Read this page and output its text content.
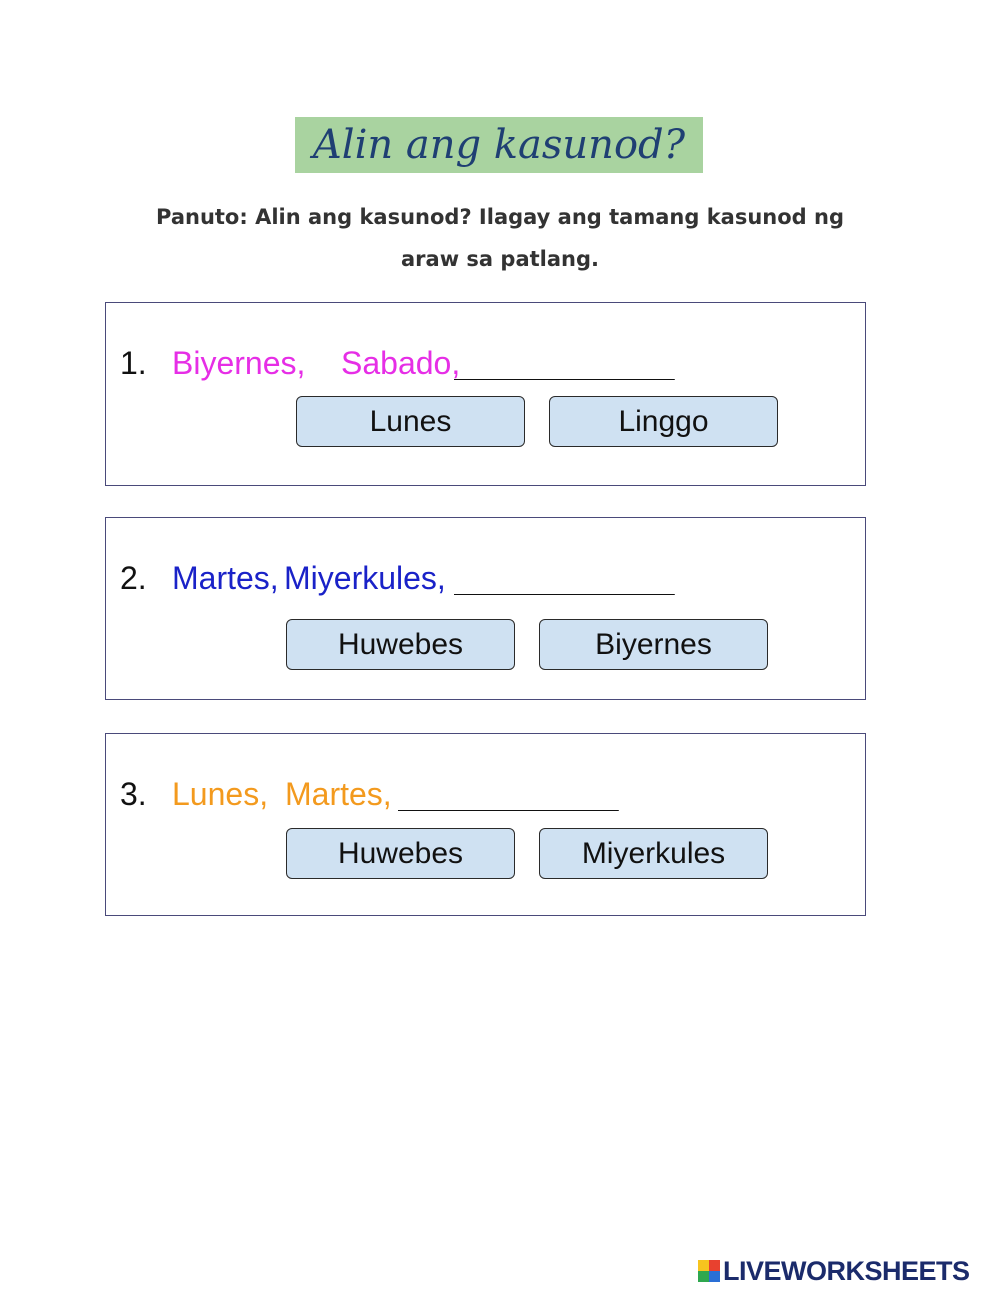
Alin ang kasunod?
Panuto: Alin ang kasunod? Ilagay ang tamang kasunod ng araw sa patlang.
1. Biyernes, Sabado,
_______________
Lunes	Linggo
2. Martes, Miyerkules, _______________
Huwebes	Biyernes
3. Lunes, Martes, _______________
Huwebes	Miyerkules
LIVEWORKSHEETS
